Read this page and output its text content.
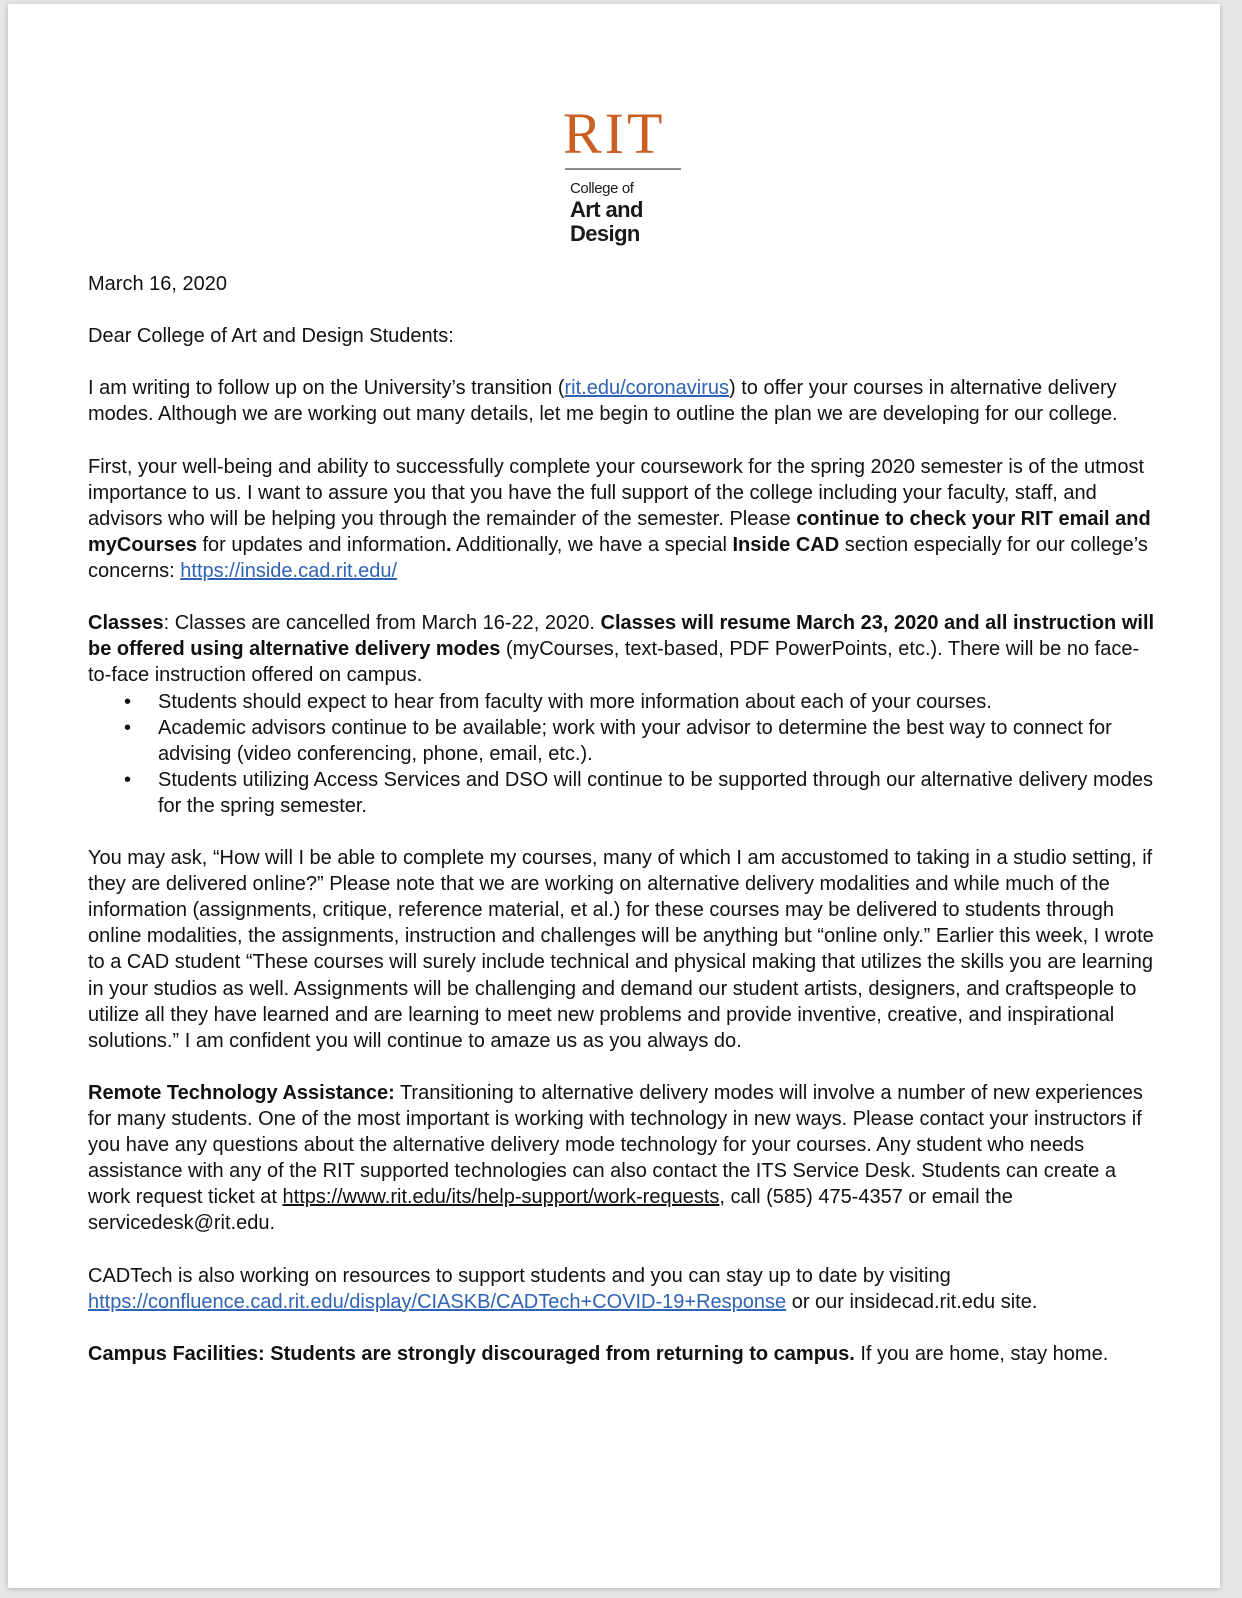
RIT
College of
Art and
Design

March 16, 2020

Dear College of Art and Design Students:

I am writing to follow up on the University’s transition (rit.edu/coronavirus) to offer your courses in alternative delivery modes. Although we are working out many details, let me begin to outline the plan we are developing for our college.

First, your well-being and ability to successfully complete your coursework for the spring 2020 semester is of the utmost importance to us. I want to assure you that you have the full support of the college including your faculty, staff, and advisors who will be helping you through the remainder of the semester. Please continue to check your RIT email and myCourses for updates and information. Additionally, we have a special Inside CAD section especially for our college’s concerns: https://inside.cad.rit.edu/

Classes: Classes are cancelled from March 16-22, 2020. Classes will resume March 23, 2020 and all instruction will be offered using alternative delivery modes (myCourses, text-based, PDF PowerPoints, etc.). There will be no face-to-face instruction offered on campus.

• Students should expect to hear from faculty with more information about each of your courses.
• Academic advisors continue to be available; work with your advisor to determine the best way to connect for advising (video conferencing, phone, email, etc.).
• Students utilizing Access Services and DSO will continue to be supported through our alternative delivery modes for the spring semester.

You may ask, “How will I be able to complete my courses, many of which I am accustomed to taking in a studio setting, if they are delivered online?” Please note that we are working on alternative delivery modalities and while much of the information (assignments, critique, reference material, et al.) for these courses may be delivered to students through online modalities, the assignments, instruction and challenges will be anything but “online only.” Earlier this week, I wrote to a CAD student “These courses will surely include technical and physical making that utilizes the skills you are learning in your studios as well. Assignments will be challenging and demand our student artists, designers, and craftspeople to utilize all they have learned and are learning to meet new problems and provide inventive, creative, and inspirational solutions.” I am confident you will continue to amaze us as you always do.

Remote Technology Assistance: Transitioning to alternative delivery modes will involve a number of new experiences for many students. One of the most important is working with technology in new ways. Please contact your instructors if you have any questions about the alternative delivery mode technology for your courses. Any student who needs assistance with any of the RIT supported technologies can also contact the ITS Service Desk. Students can create a work request ticket at https://www.rit.edu/its/help-support/work-requests, call (585) 475-4357 or email the servicedesk@rit.edu.

CADTech is also working on resources to support students and you can stay up to date by visiting https://confluence.cad.rit.edu/display/CIASKB/CADTech+COVID-19+Response or our insidecad.rit.edu site.

Campus Facilities: Students are strongly discouraged from returning to campus. If you are home, stay home.
